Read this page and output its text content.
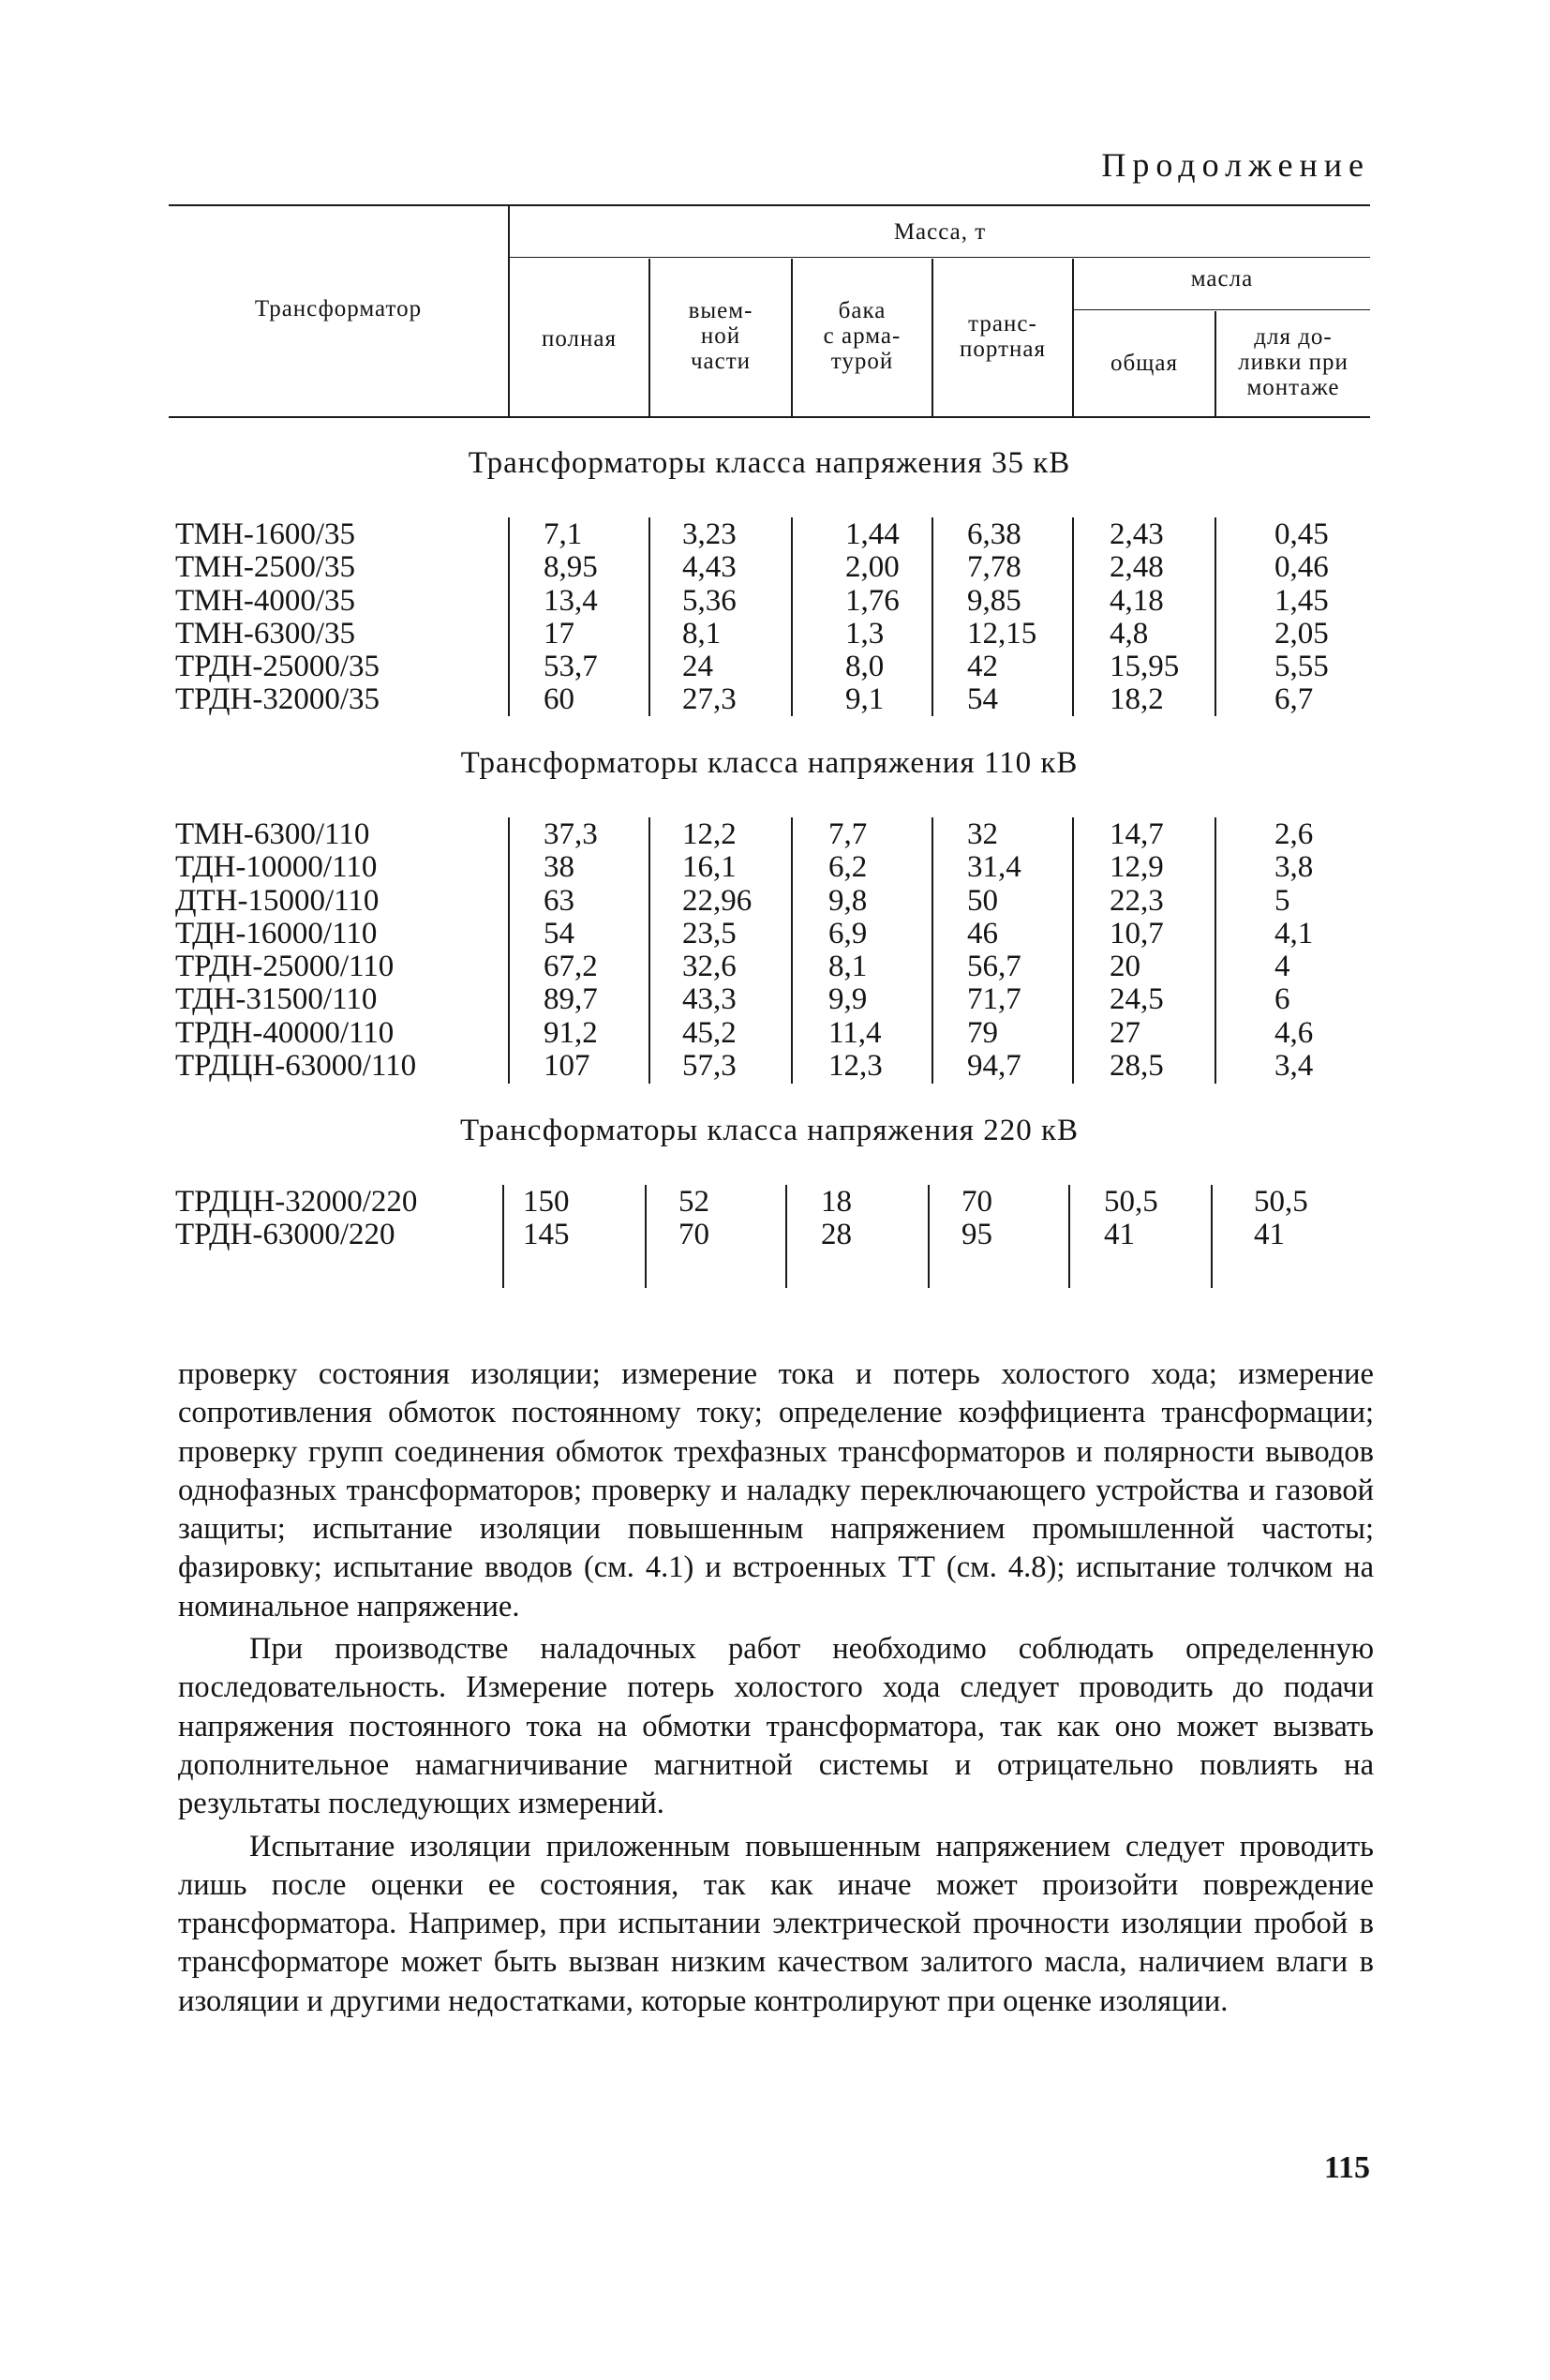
Продолжение
Трансформатор
Масса, т
полная
выем-
ной
части
бака
с арма-
турой
транс-
портная
масла
общая
для до-
ливки при
монтаже
Трансформаторы класса напряжения 35 кВ
ТМН-1600/35
ТМН-2500/35
ТМН-4000/35
ТМН-6300/35
ТРДН-25000/35
ТРДН-32000/35
7,1
8,95
13,4
17
53,7
60
3,23
4,43
5,36
8,1
24
27,3
1,44
2,00
1,76
1,3
8,0
9,1
6,38
7,78
9,85
12,15
42
54
2,43
2,48
4,18
4,8
15,95
18,2
0,45
0,46
1,45
2,05
5,55
6,7
Трансформаторы класса напряжения 110 кВ
ТМН-6300/110
ТДН-10000/110
ДТН-15000/110
ТДН-16000/110
ТРДН-25000/110
ТДН-31500/110
ТРДН-40000/110
ТРДЦН-63000/110
37,3
38
63
54
67,2
89,7
91,2
107
12,2
16,1
22,96
23,5
32,6
43,3
45,2
57,3
7,7
6,2
9,8
6,9
8,1
9,9
11,4
12,3
32
31,4
50
46
56,7
71,7
79
94,7
14,7
12,9
22,3
10,7
20
24,5
27
28,5
2,6
3,8
5
4,1
4
6
4,6
3,4
Трансформаторы класса напряжения 220 кВ
ТРДЦН-32000/220
ТРДН-63000/220
150
145
52
70
18
28
70
95
50,5
41
50,5
41

проверку состояния изоляции; измерение тока и потерь холостого хода; измерение сопротивления обмоток постоянному току; определение коэффициента трансформации; проверку групп соединения обмоток трехфазных трансформаторов и полярности выводов однофазных трансформаторов; проверку и наладку переключающего устройства и газовой защиты; испытание изоляции повышенным напряжением промышленной частоты; фазировку; испытание вводов (см. 4.1) и встроенных ТТ (см. 4.8); испытание толчком на номинальное напряжение.

При производстве наладочных работ необходимо соблюдать определенную последовательность. Измерение потерь холостого хода следует проводить до подачи напряжения постоянного тока на обмотки трансформатора, так как оно может вызвать дополнительное намагничивание магнитной системы и отрицательно повлиять на результаты последующих измерений.

Испытание изоляции приложенным повышенным напряжением следует проводить лишь после оценки ее состояния, так как иначе может произойти повреждение трансформатора. Например, при испытании электрической прочности изоляции пробой в трансформаторе может быть вызван низким качеством залитого масла, наличием влаги в изоляции и другими недостатками, которые контролируют при оценке изоляции.

115
